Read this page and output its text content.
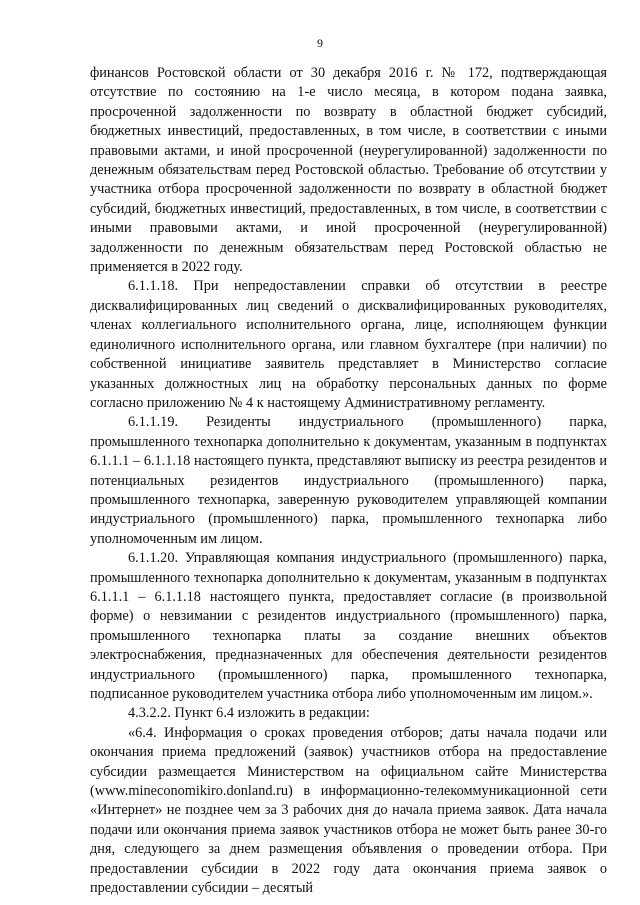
9

финансов Ростовской области от 30 декабря 2016 г. № 172, подтверждающая отсутствие по состоянию на 1-е число месяца, в котором подана заявка, просроченной задолженности по возврату в областной бюджет субсидий, бюджетных инвестиций, предоставленных, в том числе, в соответствии с иными правовыми актами, и иной просроченной (неурегулированной) задолженности по денежным обязательствам перед Ростовской областью. Требование об отсутствии у участника отбора просроченной задолженности по возврату в областной бюджет субсидий, бюджетных инвестиций, предоставленных, в том числе, в соответствии с иными правовыми актами, и иной просроченной (неурегулированной) задолженности по денежным обязательствам перед Ростовской областью не применяется в 2022 году.

6.1.1.18. При непредоставлении справки об отсутствии в реестре дисквалифицированных лиц сведений о дисквалифицированных руководителях, членах коллегиального исполнительного органа, лице, исполняющем функции единоличного исполнительного органа, или главном бухгалтере (при наличии) по собственной инициативе заявитель представляет в Министерство согласие указанных должностных лиц на обработку персональных данных по форме согласно приложению № 4 к настоящему Административному регламенту.

6.1.1.19. Резиденты индустриального (промышленного) парка, промышленного технопарка дополнительно к документам, указанным в подпунктах 6.1.1.1 – 6.1.1.18 настоящего пункта, представляют выписку из реестра резидентов и потенциальных резидентов индустриального (промышленного) парка, промышленного технопарка, заверенную руководителем управляющей компании индустриального (промышленного) парка, промышленного технопарка либо уполномоченным им лицом.

6.1.1.20. Управляющая компания индустриального (промышленного) парка, промышленного технопарка дополнительно к документам, указанным в подпунктах 6.1.1.1 – 6.1.1.18 настоящего пункта, предоставляет согласие (в произвольной форме) о невзимании с резидентов индустриального (промышленного) парка, промышленного технопарка платы за создание внешних объектов электроснабжения, предназначенных для обеспечения деятельности резидентов индустриального (промышленного) парка, промышленного технопарка, подписанное руководителем участника отбора либо уполномоченным им лицом.».

4.3.2.2. Пункт 6.4 изложить в редакции:

«6.4. Информация о сроках проведения отборов; даты начала подачи или окончания приема предложений (заявок) участников отбора на предоставление субсидии размещается Министерством на официальном сайте Министерства (www.mineconomikiro.donland.ru) в информационно-телекоммуникационной сети «Интернет» не позднее чем за 3 рабочих дня до начала приема заявок. Дата начала подачи или окончания приема заявок участников отбора не может быть ранее 30-го дня, следующего за днем размещения объявления о проведении отбора. При предоставлении субсидии в 2022 году дата окончания приема заявок о предоставлении субсидии – десятый
